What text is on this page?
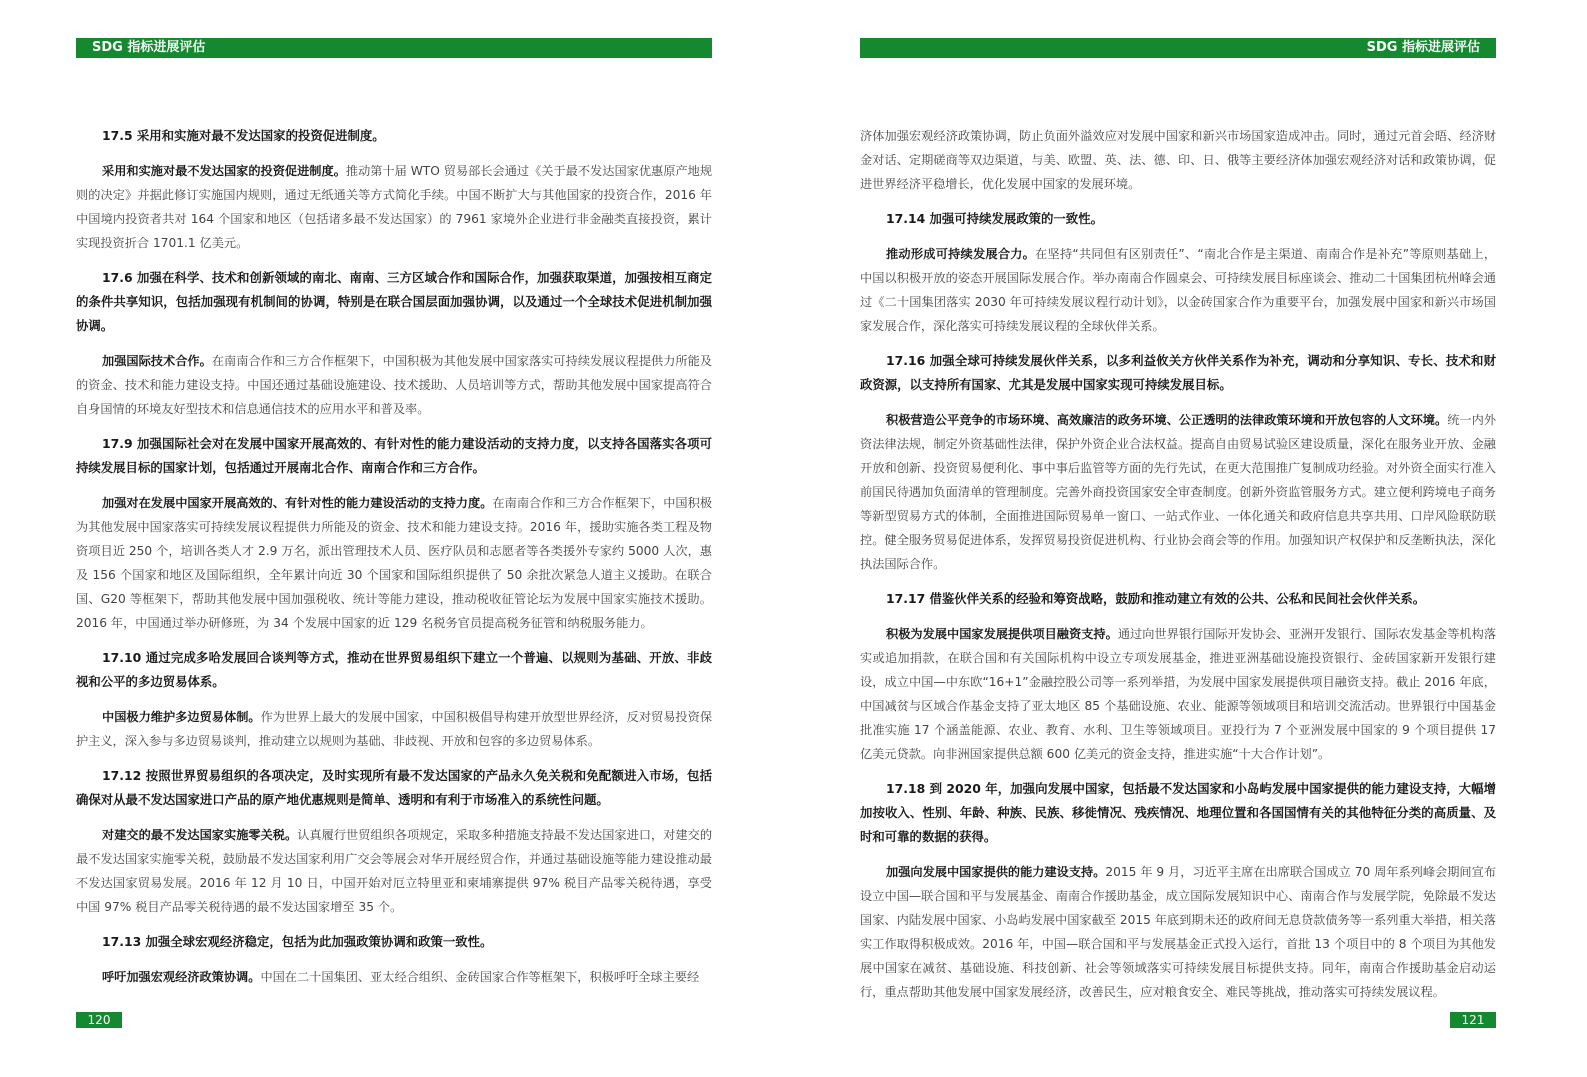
SDG 指标进展评估

17.5 采用和实施对最不发达国家的投资促进制度。

采用和实施对最不发达国家的投资促进制度。推动第十届 WTO 贸易部长会通过《关于最不发达国家优惠原产地规则的决定》并据此修订实施国内规则，通过无纸通关等方式简化手续。中国不断扩大与其他国家的投资合作，2016 年中国境内投资者共对 164 个国家和地区（包括诸多最不发达国家）的 7961 家境外企业进行非金融类直接投资，累计实现投资折合 1701.1 亿美元。

17.6 加强在科学、技术和创新领域的南北、南南、三方区域合作和国际合作，加强获取渠道，加强按相互商定的条件共享知识，包括加强现有机制间的协调，特别是在联合国层面加强协调，以及通过一个全球技术促进机制加强协调。

加强国际技术合作。在南南合作和三方合作框架下，中国积极为其他发展中国家落实可持续发展议程提供力所能及的资金、技术和能力建设支持。中国还通过基础设施建设、技术援助、人员培训等方式，帮助其他发展中国家提高符合自身国情的环境友好型技术和信息通信技术的应用水平和普及率。

17.9 加强国际社会对在发展中国家开展高效的、有针对性的能力建设活动的支持力度，以支持各国落实各项可持续发展目标的国家计划，包括通过开展南北合作、南南合作和三方合作。

加强对在发展中国家开展高效的、有针对性的能力建设活动的支持力度。在南南合作和三方合作框架下，中国积极为其他发展中国家落实可持续发展议程提供力所能及的资金、技术和能力建设支持。2016 年，援助实施各类工程及物资项目近 250 个，培训各类人才 2.9 万名，派出管理技术人员、医疗队员和志愿者等各类援外专家约 5000 人次，惠及 156 个国家和地区及国际组织，全年累计向近 30 个国家和国际组织提供了 50 余批次紧急人道主义援助。在联合国、G20 等框架下，帮助其他发展中国加强税收、统计等能力建设，推动税收征管论坛为发展中国家实施技术援助。2016 年，中国通过举办研修班，为 34 个发展中国家的近 129 名税务官员提高税务征管和纳税服务能力。

17.10 通过完成多哈发展回合谈判等方式，推动在世界贸易组织下建立一个普遍、以规则为基础、开放、非歧视和公平的多边贸易体系。

中国极力维护多边贸易体制。作为世界上最大的发展中国家，中国积极倡导构建开放型世界经济，反对贸易投资保护主义，深入参与多边贸易谈判，推动建立以规则为基础、非歧视、开放和包容的多边贸易体系。

17.12 按照世界贸易组织的各项决定，及时实现所有最不发达国家的产品永久免关税和免配额进入市场，包括确保对从最不发达国家进口产品的原产地优惠规则是简单、透明和有利于市场准入的系统性问题。

对建交的最不发达国家实施零关税。认真履行世贸组织各项规定，采取多种措施支持最不发达国家进口，对建交的最不发达国家实施零关税，鼓励最不发达国家利用广交会等展会对华开展经贸合作，并通过基础设施等能力建设推动最不发达国家贸易发展。2016 年 12 月 10 日，中国开始对厄立特里亚和柬埔寨提供 97% 税目产品零关税待遇，享受中国 97% 税目产品零关税待遇的最不发达国家增至 35 个。

17.13 加强全球宏观经济稳定，包括为此加强政策协调和政策一致性。

呼吁加强宏观经济政策协调。中国在二十国集团、亚太经合组织、金砖国家合作等框架下，积极呼吁全球主要经

120
SDG 指标进展评估

济体加强宏观经济政策协调，防止负面外溢效应对发展中国家和新兴市场国家造成冲击。同时，通过元首会晤、经济财金对话、定期磋商等双边渠道，与美、欧盟、英、法、德、印、日、俄等主要经济体加强宏观经济对话和政策协调，促进世界经济平稳增长，优化发展中国家的发展环境。

17.14 加强可持续发展政策的一致性。

推动形成可持续发展合力。在坚持“共同但有区别责任”、“南北合作是主渠道、南南合作是补充”等原则基础上，中国以积极开放的姿态开展国际发展合作。举办南南合作圆桌会、可持续发展目标座谈会、推动二十国集团杭州峰会通过《二十国集团落实 2030 年可持续发展议程行动计划》，以金砖国家合作为重要平台，加强发展中国家和新兴市场国家发展合作，深化落实可持续发展议程的全球伙伴关系。

17.16 加强全球可持续发展伙伴关系，以多利益攸关方伙伴关系作为补充，调动和分享知识、专长、技术和财政资源，以支持所有国家、尤其是发展中国家实现可持续发展目标。

积极营造公平竞争的市场环境、高效廉洁的政务环境、公正透明的法律政策环境和开放包容的人文环境。统一内外资法律法规，制定外资基础性法律，保护外资企业合法权益。提高自由贸易试验区建设质量，深化在服务业开放、金融开放和创新、投资贸易便利化、事中事后监管等方面的先行先试，在更大范围推广复制成功经验。对外资全面实行准入前国民待遇加负面清单的管理制度。完善外商投资国家安全审查制度。创新外资监管服务方式。建立便利跨境电子商务等新型贸易方式的体制，全面推进国际贸易单一窗口、一站式作业、一体化通关和政府信息共享共用、口岸风险联防联控。健全服务贸易促进体系，发挥贸易投资促进机构、行业协会商会等的作用。加强知识产权保护和反垄断执法，深化执法国际合作。

17.17 借鉴伙伴关系的经验和筹资战略，鼓励和推动建立有效的公共、公私和民间社会伙伴关系。

积极为发展中国家发展提供项目融资支持。通过向世界银行国际开发协会、亚洲开发银行、国际农发基金等机构落实或追加捐款，在联合国和有关国际机构中设立专项发展基金，推进亚洲基础设施投资银行、金砖国家新开发银行建设，成立中国—中东欧“16+1”金融控股公司等一系列举措，为发展中国家发展提供项目融资支持。截止 2016 年底，中国减贫与区域合作基金支持了亚太地区 85 个基础设施、农业、能源等领域项目和培训交流活动。世界银行中国基金批准实施 17 个涵盖能源、农业、教育、水利、卫生等领域项目。亚投行为 7 个亚洲发展中国家的 9 个项目提供 17 亿美元贷款。向非洲国家提供总额 600 亿美元的资金支持，推进实施“十大合作计划”。

17.18 到 2020 年，加强向发展中国家，包括最不发达国家和小岛屿发展中国家提供的能力建设支持，大幅增加按收入、性别、年龄、种族、民族、移徙情况、残疾情况、地理位置和各国国情有关的其他特征分类的高质量、及时和可靠的数据的获得。

加强向发展中国家提供的能力建设支持。2015 年 9 月，习近平主席在出席联合国成立 70 周年系列峰会期间宣布设立中国—联合国和平与发展基金、南南合作援助基金，成立国际发展知识中心、南南合作与发展学院，免除最不发达国家、内陆发展中国家、小岛屿发展中国家截至 2015 年底到期未还的政府间无息贷款债务等一系列重大举措，相关落实工作取得积极成效。2016 年，中国—联合国和平与发展基金正式投入运行，首批 13 个项目中的 8 个项目为其他发展中国家在减贫、基础设施、科技创新、社会等领域落实可持续发展目标提供支持。同年，南南合作援助基金启动运行，重点帮助其他发展中国家发展经济，改善民生，应对粮食安全、难民等挑战，推动落实可持续发展议程。

121
